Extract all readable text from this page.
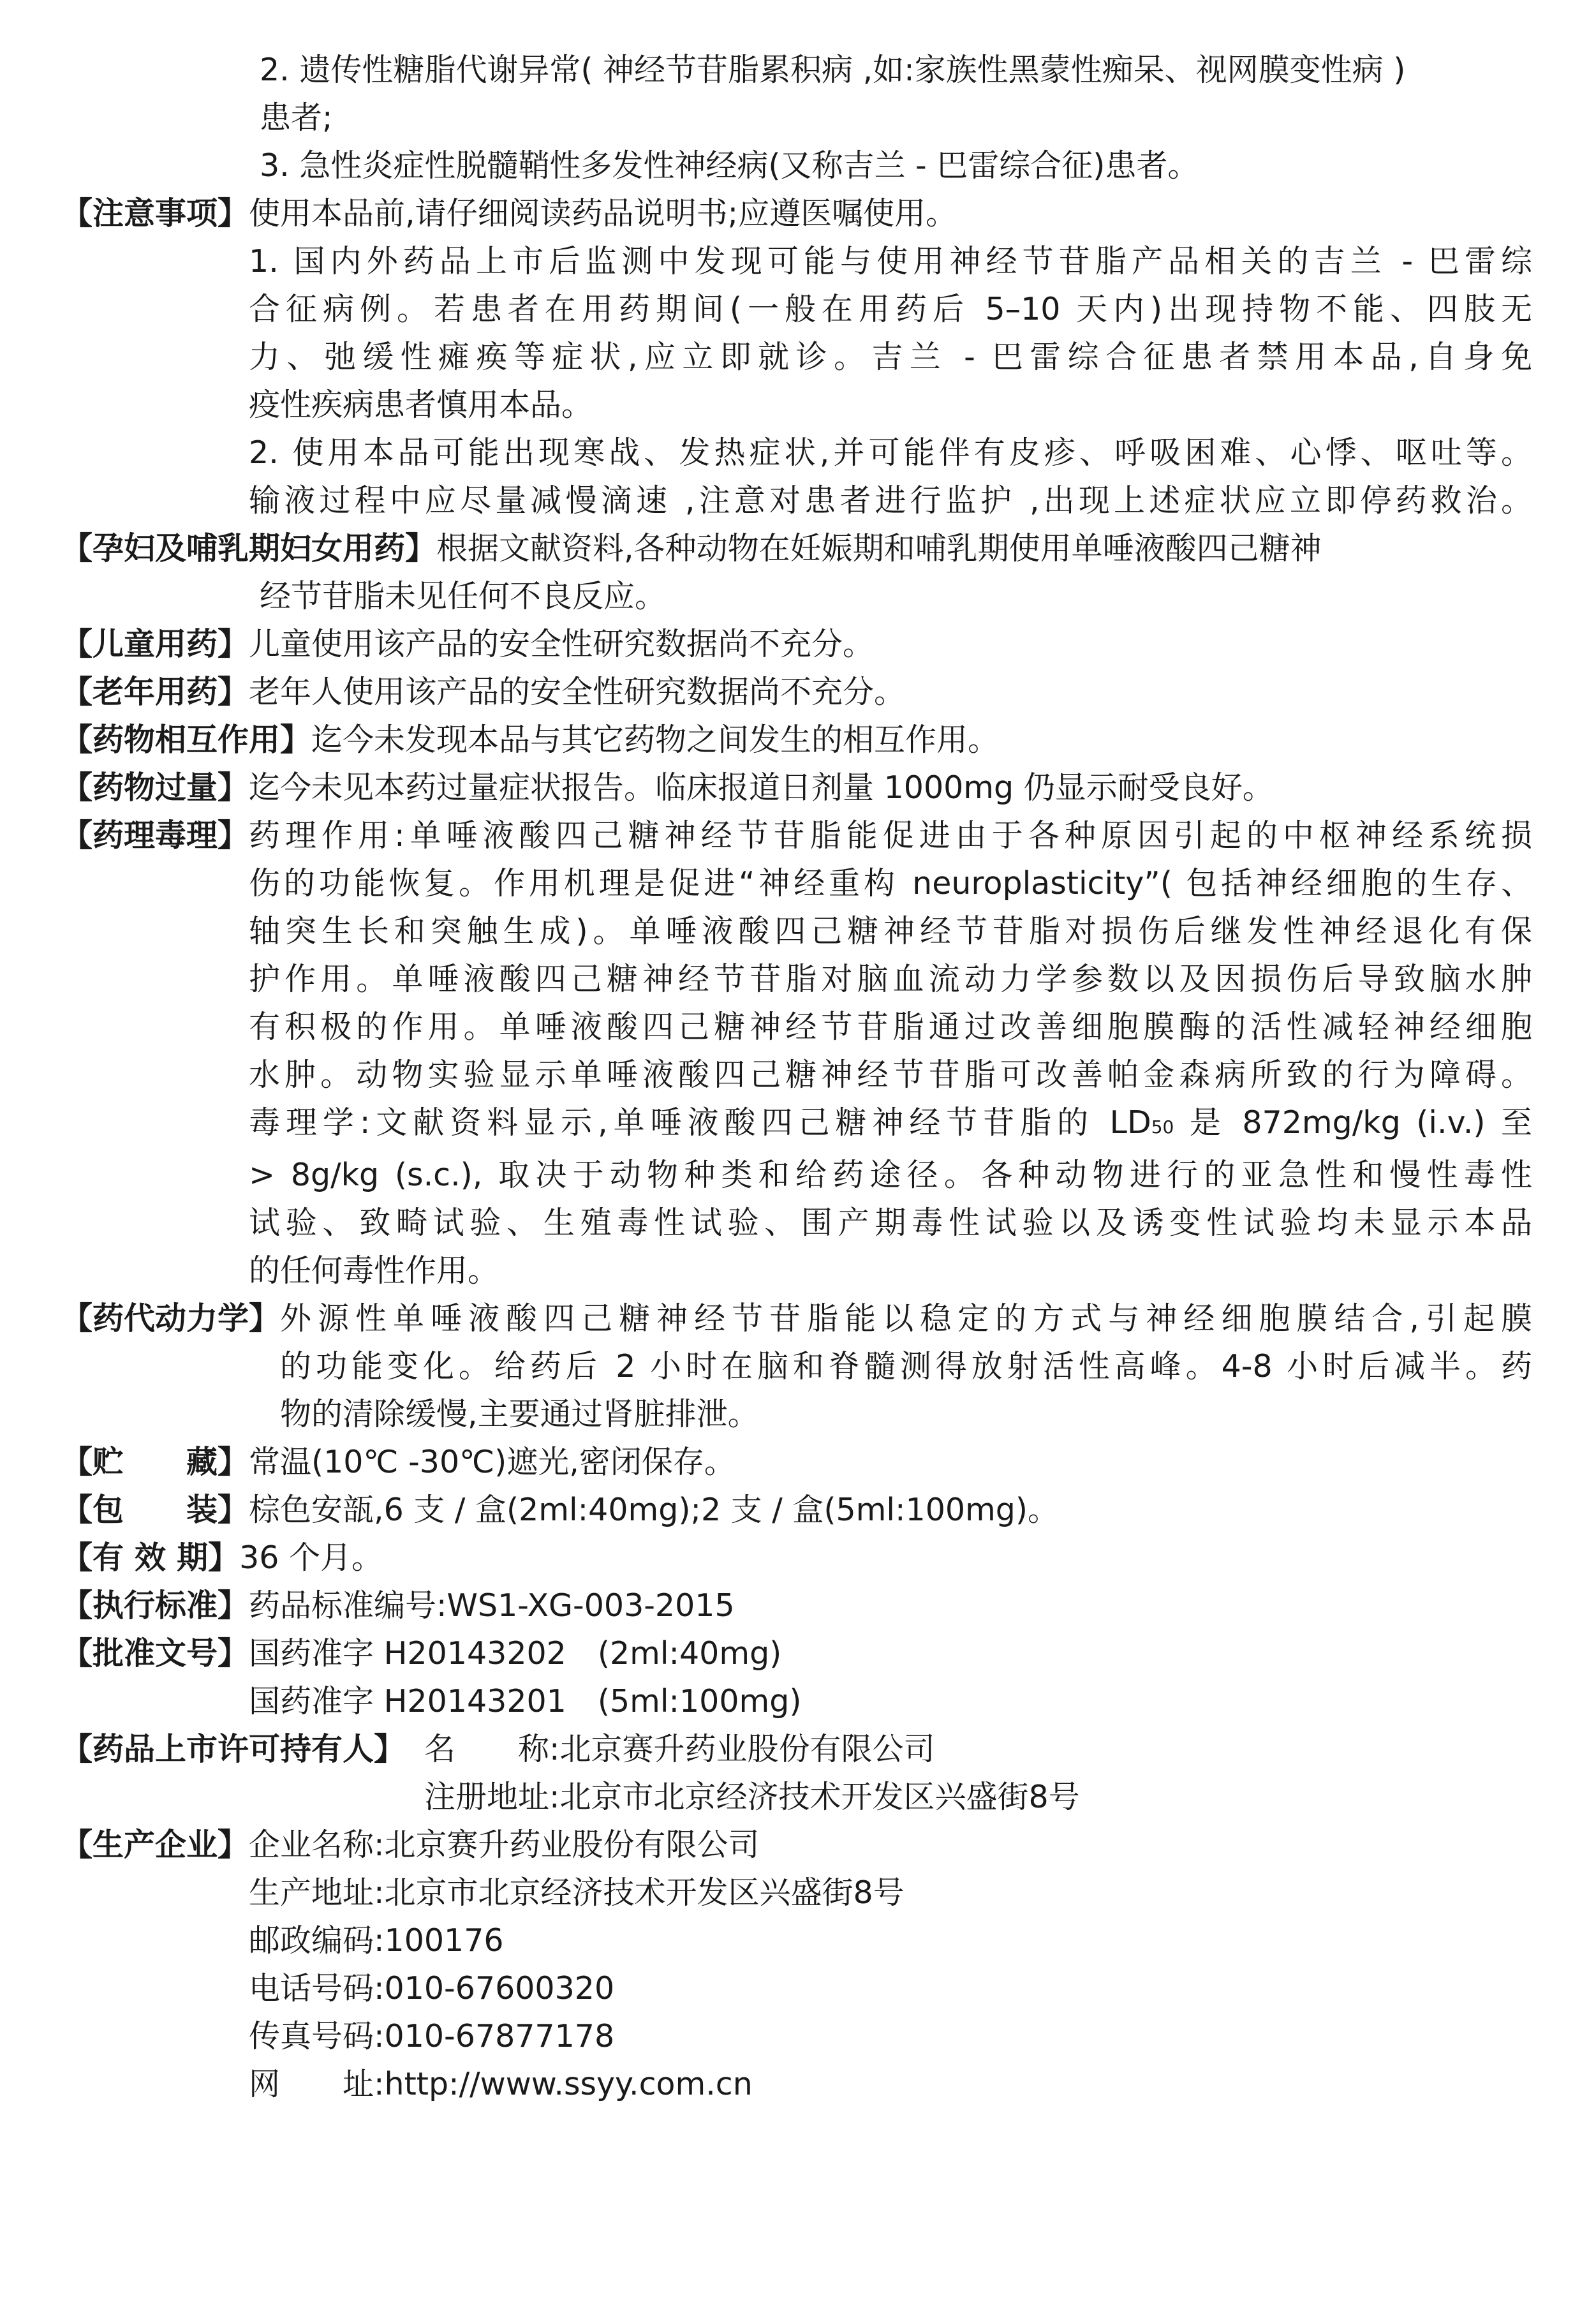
2. 遗传性糖脂代谢异常( 神经节苷脂累积病 ,如:家族性黑蒙性痴呆、视网膜变性病 )
患者;
3. 急性炎症性脱髓鞘性多发性神经病(又称吉兰 - 巴雷综合征)患者。
【注意事项】 使用本品前,请仔细阅读药品说明书;应遵医嘱使用。
1. 国内外药品上市后监测中发现可能与使用神经节苷脂产品相关的吉兰 - 巴雷综
合征病例。若患者在用药期间(一般在用药后 5–10 天内)出现持物不能、四肢无
力、弛缓性瘫痪等症状,应立即就诊。吉兰 - 巴雷综合征患者禁用本品,自身免
疫性疾病患者慎用本品。
2. 使用本品可能出现寒战、发热症状,并可能伴有皮疹、呼吸困难、心悸、呕吐等。
输液过程中应尽量减慢滴速 ,注意对患者进行监护 ,出现上述症状应立即停药救治。
【孕妇及哺乳期妇女用药】根据文献资料,各种动物在妊娠期和哺乳期使用单唾液酸四己糖神
经节苷脂未见任何不良反应。
【儿童用药】 儿童使用该产品的安全性研究数据尚不充分。
【老年用药】 老年人使用该产品的安全性研究数据尚不充分。
【药物相互作用】 迄今未发现本品与其它药物之间发生的相互作用。
【药物过量】 迄今未见本药过量症状报告。临床报道日剂量 1000mg 仍显示耐受良好。
【药理毒理】 药理作用:单唾液酸四己糖神经节苷脂能促进由于各种原因引起的中枢神经系统损
伤的功能恢复。作用机理是促进“神经重构 neuroplasticity”( 包括神经细胞的生存、
轴突生长和突触生成)。单唾液酸四己糖神经节苷脂对损伤后继发性神经退化有保
护作用。单唾液酸四己糖神经节苷脂对脑血流动力学参数以及因损伤后导致脑水肿
有积极的作用。单唾液酸四己糖神经节苷脂通过改善细胞膜酶的活性减轻神经细胞
水肿。动物实验显示单唾液酸四己糖神经节苷脂可改善帕金森病所致的行为障碍。
毒理学:文献资料显示,单唾液酸四己糖神经节苷脂的 LD50 是 872mg/kg (i.v.) 至
> 8g/kg (s.c.), 取决于动物种类和给药途径。各种动物进行的亚急性和慢性毒性
试验、致畸试验、生殖毒性试验、围产期毒性试验以及诱变性试验均未显示本品
的任何毒性作用。
【药代动力学】 外源性单唾液酸四己糖神经节苷脂能以稳定的方式与神经细胞膜结合,引起膜
的功能变化。给药后 2 小时在脑和脊髓测得放射活性高峰。4-8 小时后减半。药
物的清除缓慢,主要通过肾脏排泄。
【贮　　藏】 常温(10℃ -30℃)遮光,密闭保存。
【包　　装】 棕色安瓿,6 支 / 盒(2ml:40mg);2 支 / 盒(5ml:100mg)。
【有 效 期】 36 个月。
【执行标准】 药品标准编号:WS1-XG-003-2015
【批准文号】 国药准字 H20143202　(2ml:40mg)
国药准字 H20143201　(5ml:100mg)
【药品上市许可持有人】 名　　称:北京赛升药业股份有限公司
注册地址:北京市北京经济技术开发区兴盛街8号
【生产企业】 企业名称:北京赛升药业股份有限公司
生产地址:北京市北京经济技术开发区兴盛街8号
邮政编码:100176
电话号码:010-67600320
传真号码:010-67877178
网　　址:http://www.ssyy.com.cn
